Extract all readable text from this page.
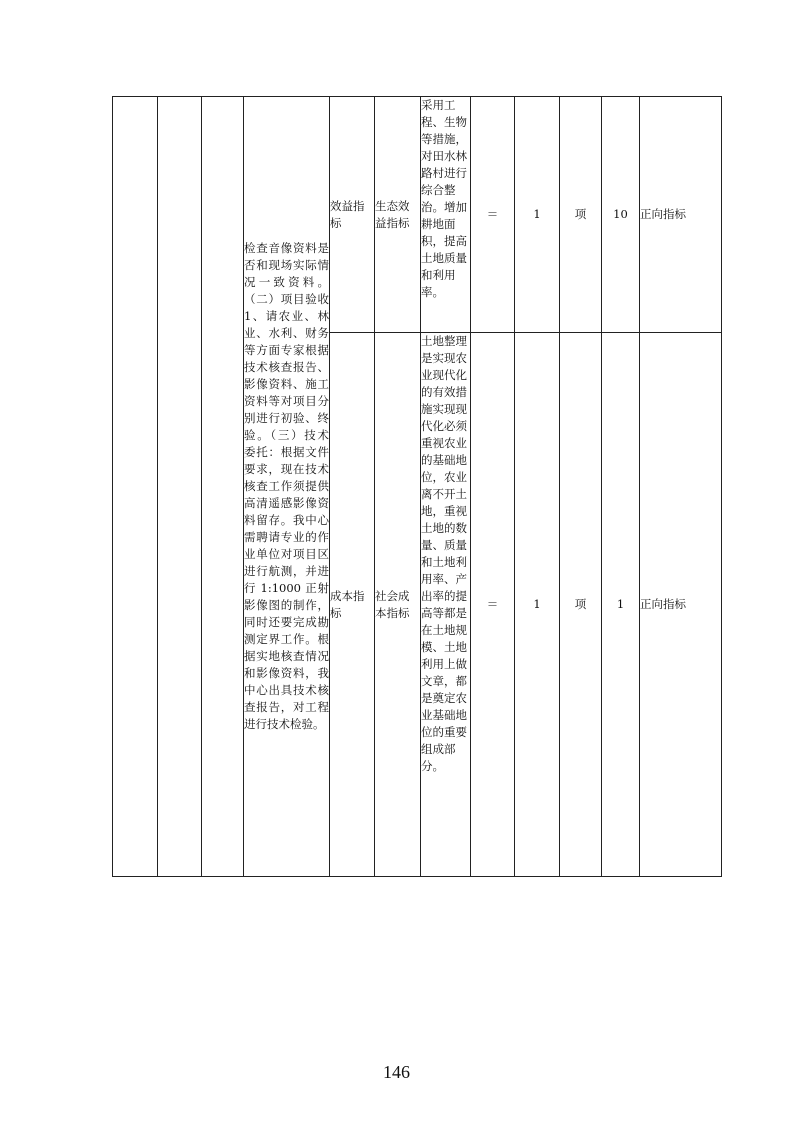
			检查音像资料是否和现场实际情况一致资料。（二）项目验收 1、请农业、林业、水利、财务等方面专家根据技术核查报告、影像资料、施工资料等对项目分别进行初验、终验。（三）技术委托：根据文件要求，现在技术核查工作须提供高清遥感影像资料留存。我中心需聘请专业的作业单位对项目区进行航测，并进行 1:1000 正射影像图的制作，同时还要完成勘测定界工作。根据实地核查情况和影像资料，我中心出具技术核查报告，对工程进行技术检验。	效益指标	生态效益指标	采用工程、生物等措施，对田水林路村进行综合整治。增加耕地面积，提高土地质量和利用率。	＝	1	项	10	正向指标
				成本指标	社会成本指标	土地整理是实现农业现代化的有效措施实现现代化必须重视农业的基础地位，农业离不开土地，重视土地的数量、质量和土地利用率、产出率的提高等都是在土地规模、土地利用上做文章，都是奠定农业基础地位的重要组成部分。	＝	1	项	1	正向指标
146
